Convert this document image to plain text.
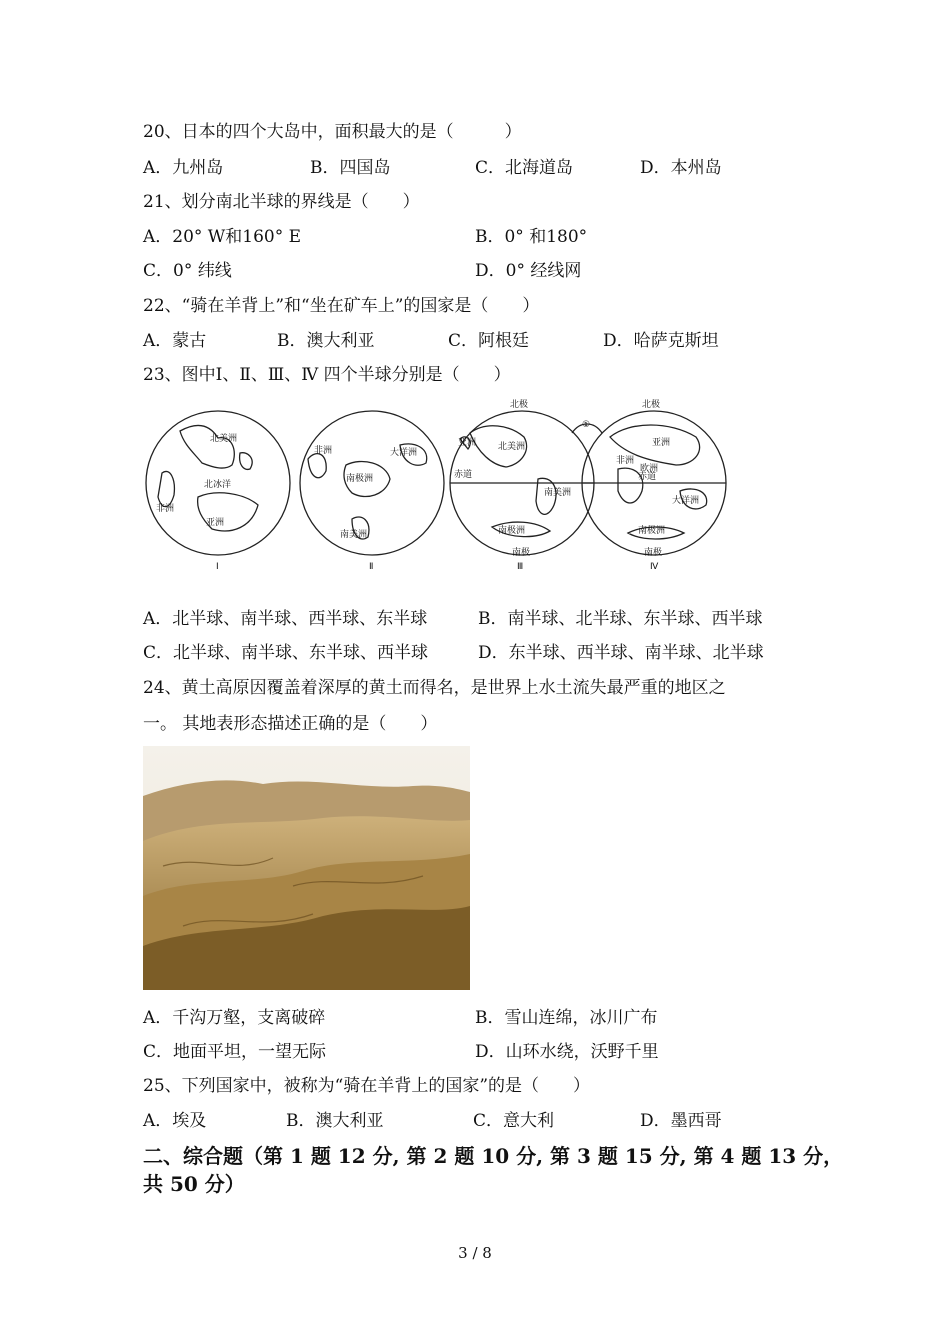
20、日本的四个大岛中，面积最大的是（　　　）
A．九州岛	B．四国岛	C．北海道岛	D．本州岛
21、划分南北半球的界线是（　　）
A．20° W和160° E	B．0° 和180°
C．0° 纬线	D．0° 经线网
22、“骑在羊背上”和“坐在矿车上”的国家是（　　）
A．蒙古	B．澳大利亚	C．阿根廷	D．哈萨克斯坦
23、图中Ⅰ、Ⅱ、Ⅲ、Ⅳ 四个半球分别是（　　）
北美洲
北冰洋
非洲
亚洲
Ⅰ
非洲	大洋洲
南极洲
南美洲
Ⅱ
北极
亚洲 北美洲
赤道
南美洲
南极洲
南极
Ⅲ
北极
亚洲
非洲
欧洲
赤道
大洋洲
南极洲
南极
Ⅳ
①
A．北半球、南半球、西半球、东半球	B．南半球、北半球、东半球、西半球
C．北半球、南半球、东半球、西半球	D．东半球、西半球、南半球、北半球
24、黄土高原因覆盖着深厚的黄土而得名，是世界上水土流失最严重的地区之
一。 其地表形态描述正确的是（　　）
A．千沟万壑，支离破碎	B．雪山连绵，冰川广布
C．地面平坦，一望无际	D．山环水绕，沃野千里
25、下列国家中，被称为“骑在羊背上的国家”的是（　　）
A．埃及	B．澳大利亚	C．意大利	D．墨西哥
二、综合题（第 1 题 12 分, 第 2 题 10 分, 第 3 题 15 分, 第 4 题 13 分，
共 50 分）
3 / 8
